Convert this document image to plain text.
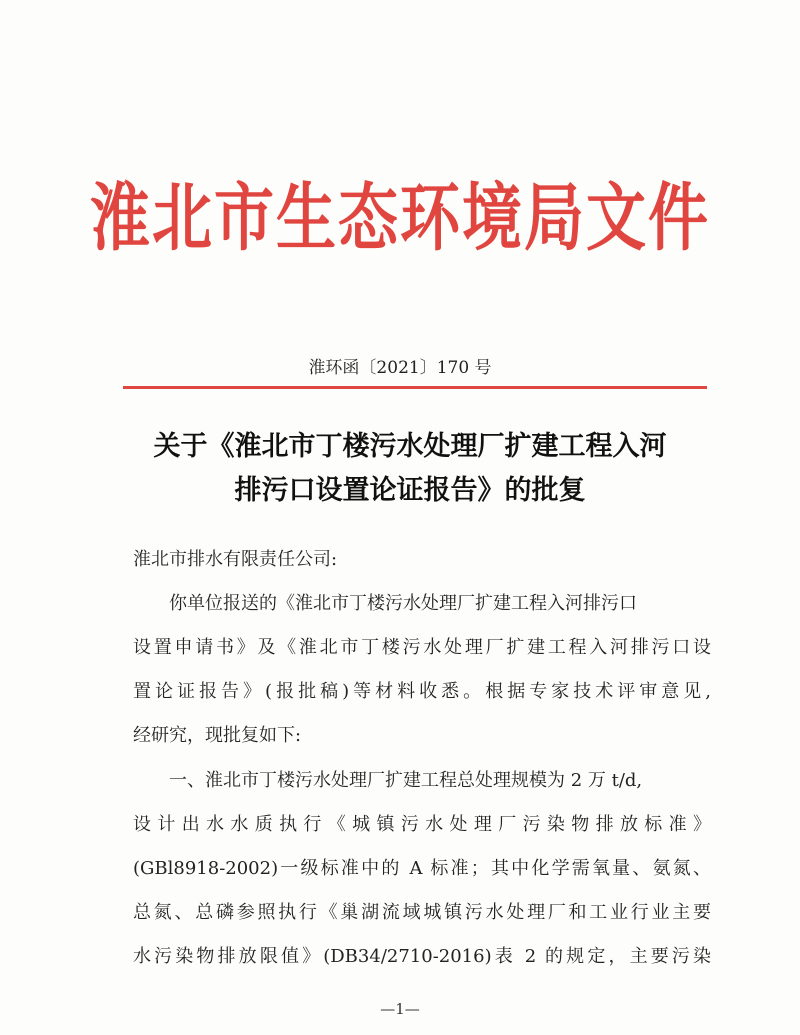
淮北市生态环境局文件
淮环函〔2021〕170 号
关于《淮北市丁楼污水处理厂扩建工程入河
排污口设置论证报告》的批复
淮北市排水有限责任公司:
你单位报送的《淮北市丁楼污水处理厂扩建工程入河排污口
设置申请书》及《淮北市丁楼污水处理厂扩建工程入河排污口设
置论证报告》(报批稿)等材料收悉。根据专家技术评审意见,
经研究，现批复如下:
一、淮北市丁楼污水处理厂扩建工程总处理规模为 2 万 t/d,
设计出水水质执行《城镇污水处理厂污染物排放标准》
(GBl8918-2002)一级标准中的 A 标准；其中化学需氧量、氨氮、
总氮、总磷参照执行《巢湖流域城镇污水处理厂和工业行业主要
水污染物排放限值》(DB34/2710-2016)表 2 的规定，主要污染
—1—
